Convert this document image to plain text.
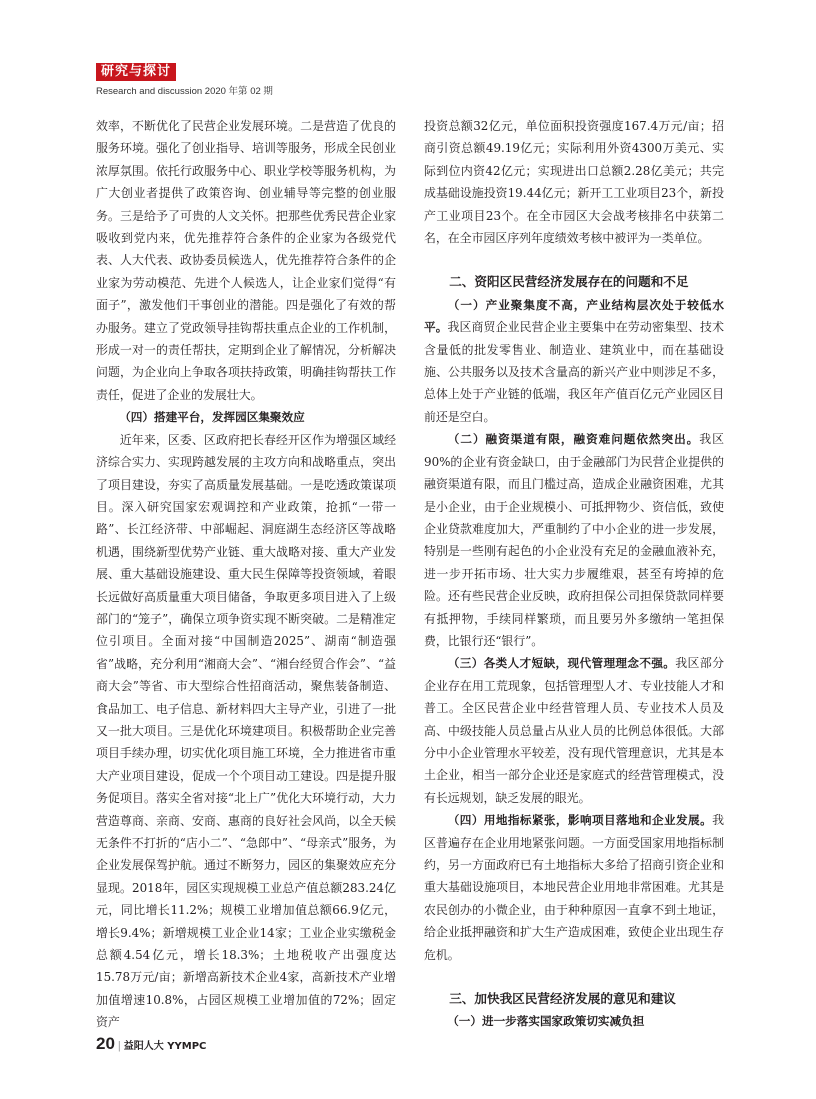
研究与探讨
Research and discussion 2020 年第 02 期

效率，不断优化了民营企业发展环境。二是营造了优良的服务环境。强化了创业指导、培训等服务，形成全民创业浓厚氛围。依托行政服务中心、职业学校等服务机构，为广大创业者提供了政策咨询、创业辅导等完整的创业服务。三是给予了可贵的人文关怀。把那些优秀民营企业家吸收到党内来，优先推荐符合条件的企业家为各级党代表、人大代表、政协委员候选人，优先推荐符合条件的企业家为劳动模范、先进个人候选人，让企业家们觉得“有面子”，激发他们干事创业的潜能。四是强化了有效的帮办服务。建立了党政领导挂钩帮扶重点企业的工作机制，形成一对一的责任帮扶，定期到企业了解情况，分析解决问题，为企业向上争取各项扶持政策，明确挂钩帮扶工作责任，促进了企业的发展壮大。

（四）搭建平台，发挥园区集聚效应

近年来，区委、区政府把长春经开区作为增强区域经济综合实力、实现跨越发展的主攻方向和战略重点，突出了项目建设，夯实了高质量发展基础。一是吃透政策谋项目。深入研究国家宏观调控和产业政策，抢抓“一带一路”、长江经济带、中部崛起、洞庭湖生态经济区等战略机遇，围绕新型优势产业链、重大战略对接、重大产业发展、重大基础设施建设、重大民生保障等投资领域，着眼长远做好高质量重大项目储备，争取更多项目进入了上级部门的“笼子”，确保立项争资实现不断突破。二是精准定位引项目。全面对接“中国制造2025”、湖南“制造强省”战略，充分利用“湘商大会”、“湘台经贸合作会”、“益商大会”等省、市大型综合性招商活动，聚焦装备制造、食品加工、电子信息、新材料四大主导产业，引进了一批又一批大项目。三是优化环境建项目。积极帮助企业完善项目手续办理，切实优化项目施工环境，全力推进省市重大产业项目建设，促成一个个项目动工建设。四是提升服务促项目。落实全省对接“北上广”优化大环境行动，大力营造尊商、亲商、安商、惠商的良好社会风尚，以全天候无条件不打折的“店小二”、“急郎中”、“母亲式”服务，为企业发展保驾护航。通过不断努力，园区的集聚效应充分显现。2018年，园区实现规模工业总产值总额283.24亿元，同比增长11.2%；规模工业增加值总额66.9亿元，增长9.4%；新增规模工业企业14家；工业企业实缴税金总额4.54亿元，增长18.3%；土地税收产出强度达15.78万元/亩；新增高新技术企业4家，高新技术产业增加值增速10.8%，占园区规模工业增加值的72%；固定资产

投资总额32亿元，单位面积投资强度167.4万元/亩；招商引资总额49.19亿元；实际利用外资4300万美元、实际到位内资42亿元；实现进出口总额2.28亿美元；共完成基础设施投资19.44亿元；新开工工业项目23个，新投产工业项目23个。在全市园区大会战考核排名中获第二名，在全市园区序列年度绩效考核中被评为一类单位。

二、资阳区民营经济发展存在的问题和不足

（一）产业聚集度不高，产业结构层次处于较低水平。我区商贸企业民营企业主要集中在劳动密集型、技术含量低的批发零售业、制造业、建筑业中，而在基础设施、公共服务以及技术含量高的新兴产业中则涉足不多，总体上处于产业链的低端，我区年产值百亿元产业园区目前还是空白。

（二）融资渠道有限，融资难问题依然突出。我区90%的企业有资金缺口，由于金融部门为民营企业提供的融资渠道有限，而且门槛过高，造成企业融资困难，尤其是小企业，由于企业规模小、可抵押物少、资信低，致使企业贷款难度加大，严重制约了中小企业的进一步发展，特别是一些刚有起色的小企业没有充足的金融血液补充，进一步开拓市场、壮大实力步履维艰，甚至有垮掉的危险。还有些民营企业反映，政府担保公司担保贷款同样要有抵押物，手续同样繁琐，而且要另外多缴纳一笔担保费，比银行还“银行”。

（三）各类人才短缺，现代管理理念不强。我区部分企业存在用工荒现象，包括管理型人才、专业技能人才和普工。全区民营企业中经营管理人员、专业技术人员及高、中级技能人员总量占从业人员的比例总体很低。大部分中小企业管理水平较差，没有现代管理意识，尤其是本土企业，相当一部分企业还是家庭式的经营管理模式，没有长远规划，缺乏发展的眼光。

（四）用地指标紧张，影响项目落地和企业发展。我区普遍存在企业用地紧张问题。一方面受国家用地指标制约，另一方面政府已有土地指标大多给了招商引资企业和重大基础设施项目，本地民营企业用地非常困难。尤其是农民创办的小微企业，由于种种原因一直拿不到土地证，给企业抵押融资和扩大生产造成困难，致使企业出现生存危机。

三、加快我区民营经济发展的意见和建议

（一）进一步落实国家政策切实减负担

20 | 益阳人大 YYMPC
